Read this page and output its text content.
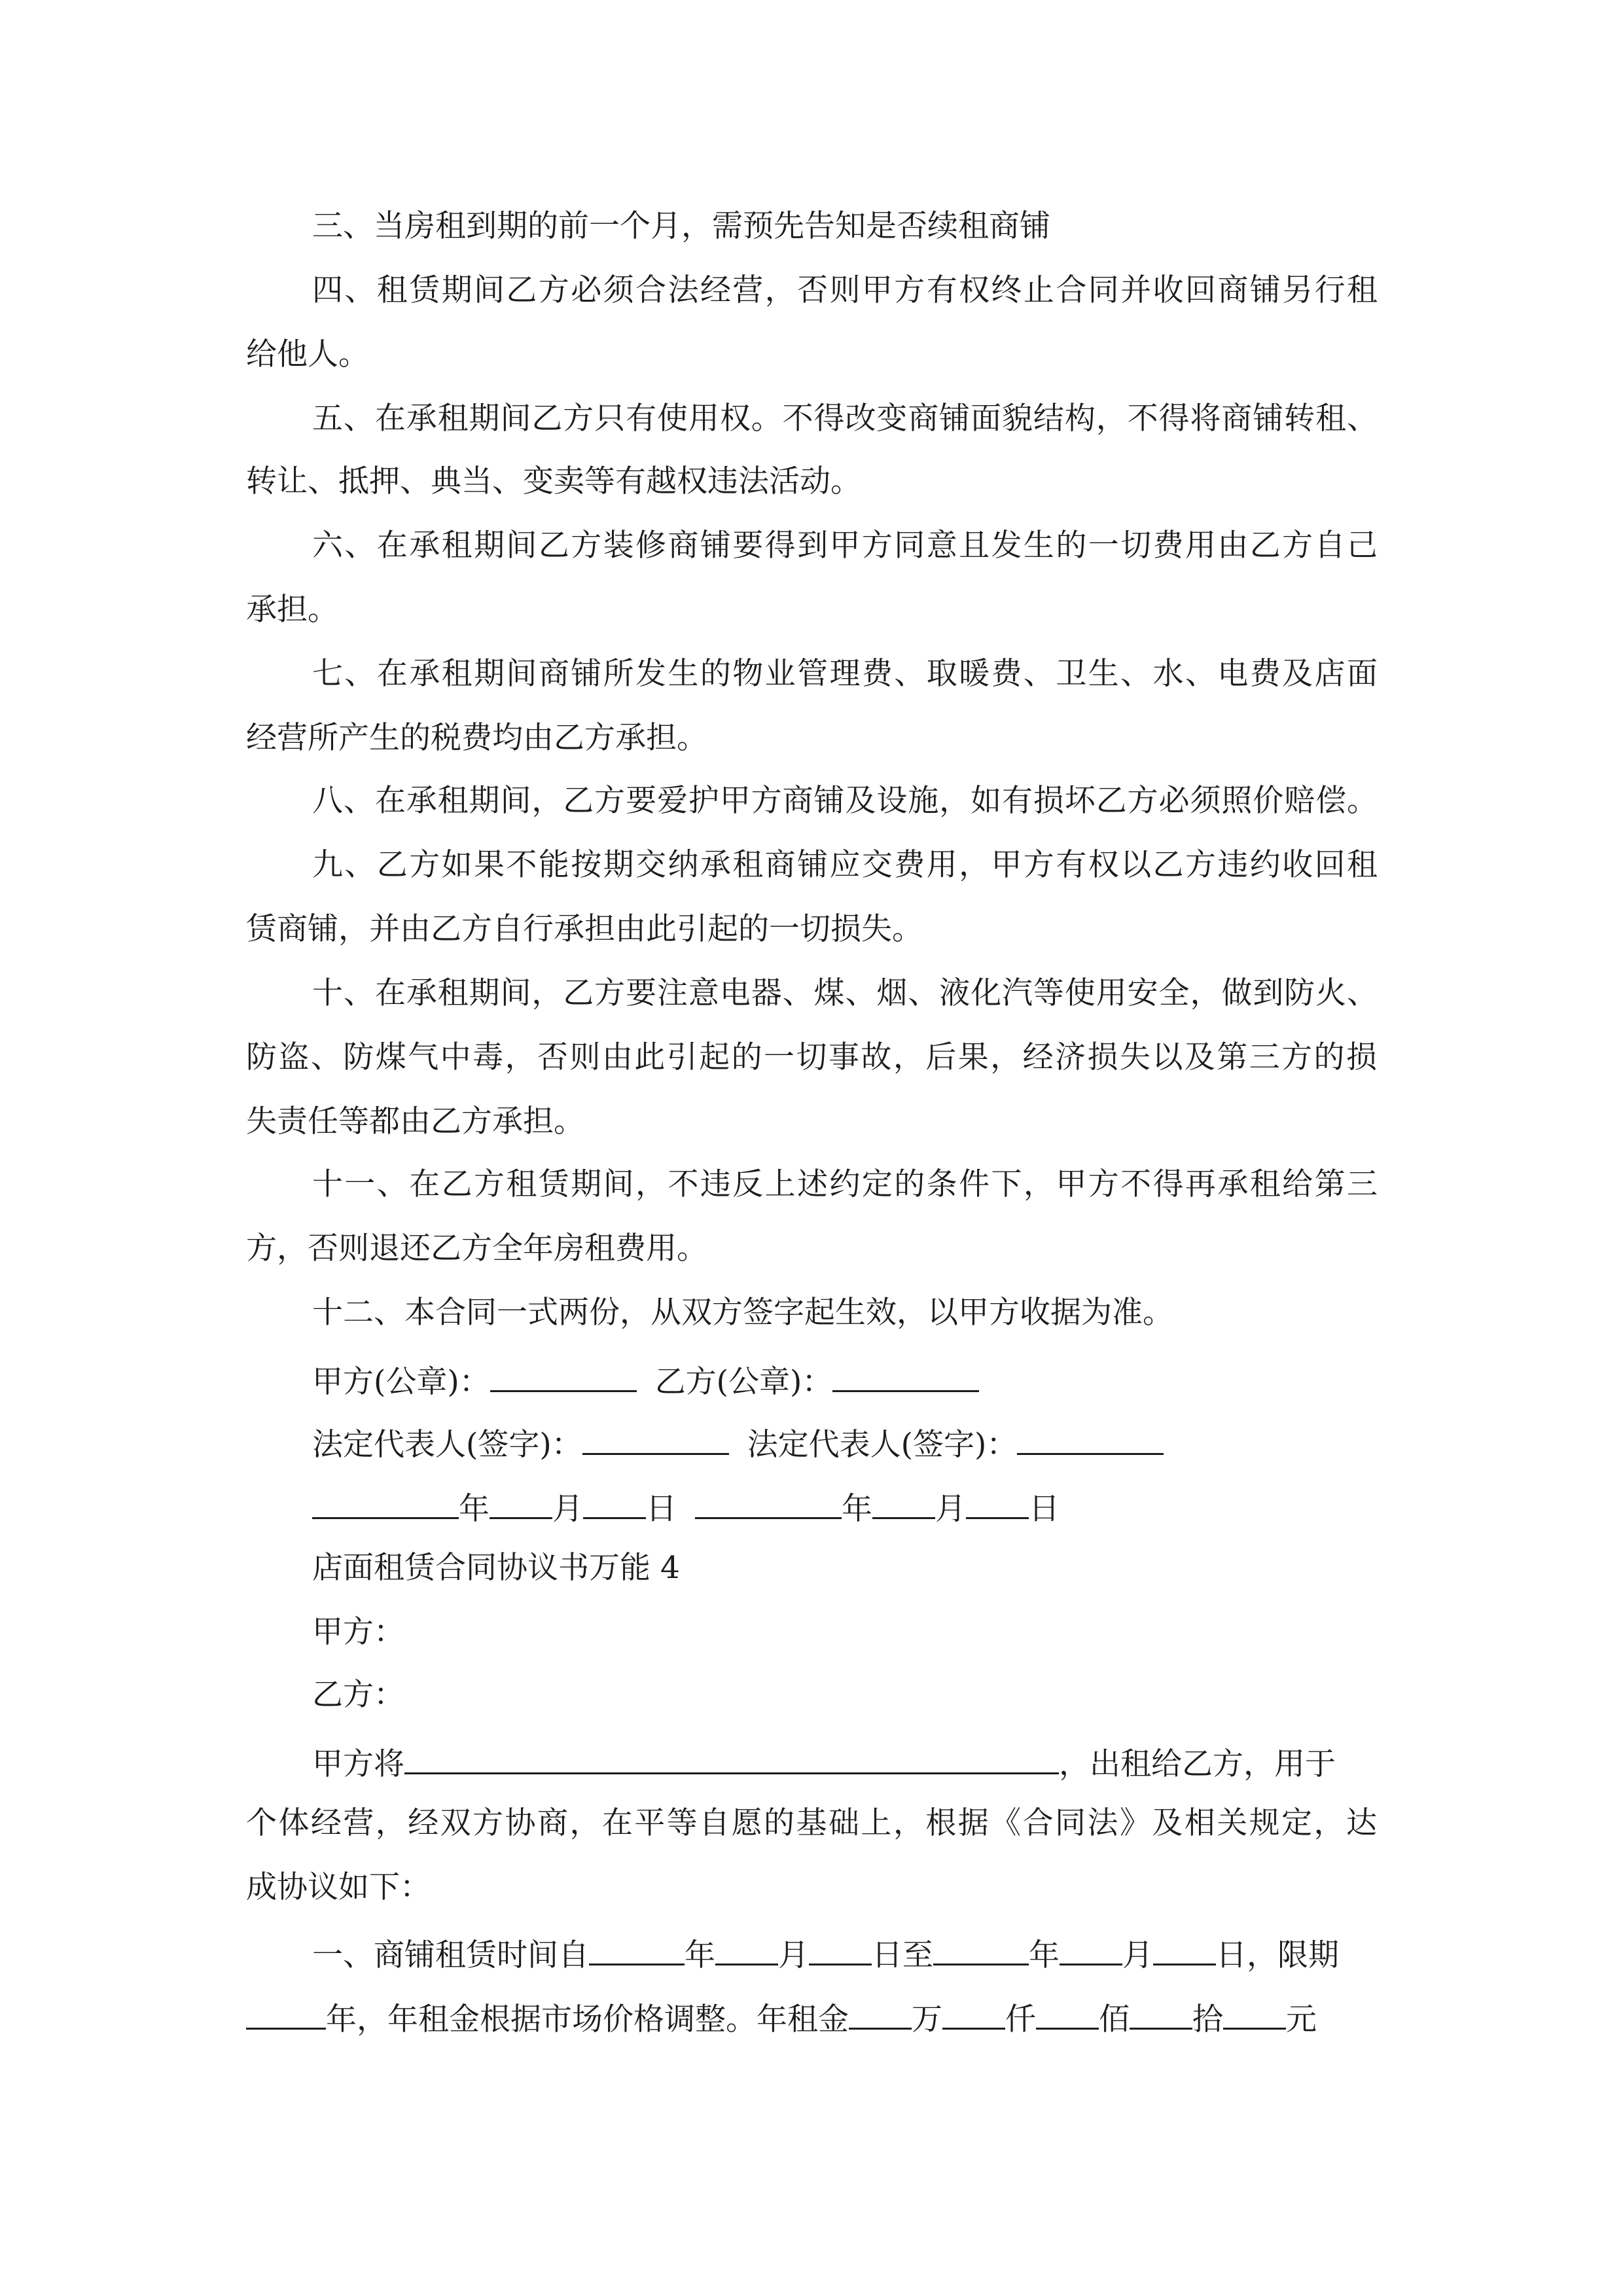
三、当房租到期的前一个月，需预先告知是否续租商铺
四、租赁期间乙方必须合法经营，否则甲方有权终止合同并收回商铺另行租
给他人。
五、在承租期间乙方只有使用权。不得改变商铺面貌结构，不得将商铺转租、
转让、抵押、典当、变卖等有越权违法活动。
六、在承租期间乙方装修商铺要得到甲方同意且发生的一切费用由乙方自己
承担。
七、在承租期间商铺所发生的物业管理费、取暖费、卫生、水、电费及店面
经营所产生的税费均由乙方承担。
八、在承租期间，乙方要爱护甲方商铺及设施，如有损坏乙方必须照价赔偿。
九、乙方如果不能按期交纳承租商铺应交费用，甲方有权以乙方违约收回租
赁商铺，并由乙方自行承担由此引起的一切损失。
十、在承租期间，乙方要注意电器、煤、烟、液化汽等使用安全，做到防火、
防盗、防煤气中毒，否则由此引起的一切事故，后果，经济损失以及第三方的损
失责任等都由乙方承担。
十一、在乙方租赁期间，不违反上述约定的条件下，甲方不得再承租给第三
方，否则退还乙方全年房租费用。
十二、本合同一式两份，从双方签字起生效，以甲方收据为准。
甲方(公章)：	乙方(公章)：
法定代表人(签字)：	法定代表人(签字)：
年 月 日	年 月 日
店面租赁合同协议书万能 4
甲方：
乙方：
甲方将	，出租给乙方，用于
个体经营，经双方协商，在平等自愿的基础上，根据《合同法》及相关规定，达
成协议如下：
一、商铺租赁时间自	年 月 日至	年 月 日，限期
年，年租金根据市场价格调整。年租金 万 仟 佰 拾 元
